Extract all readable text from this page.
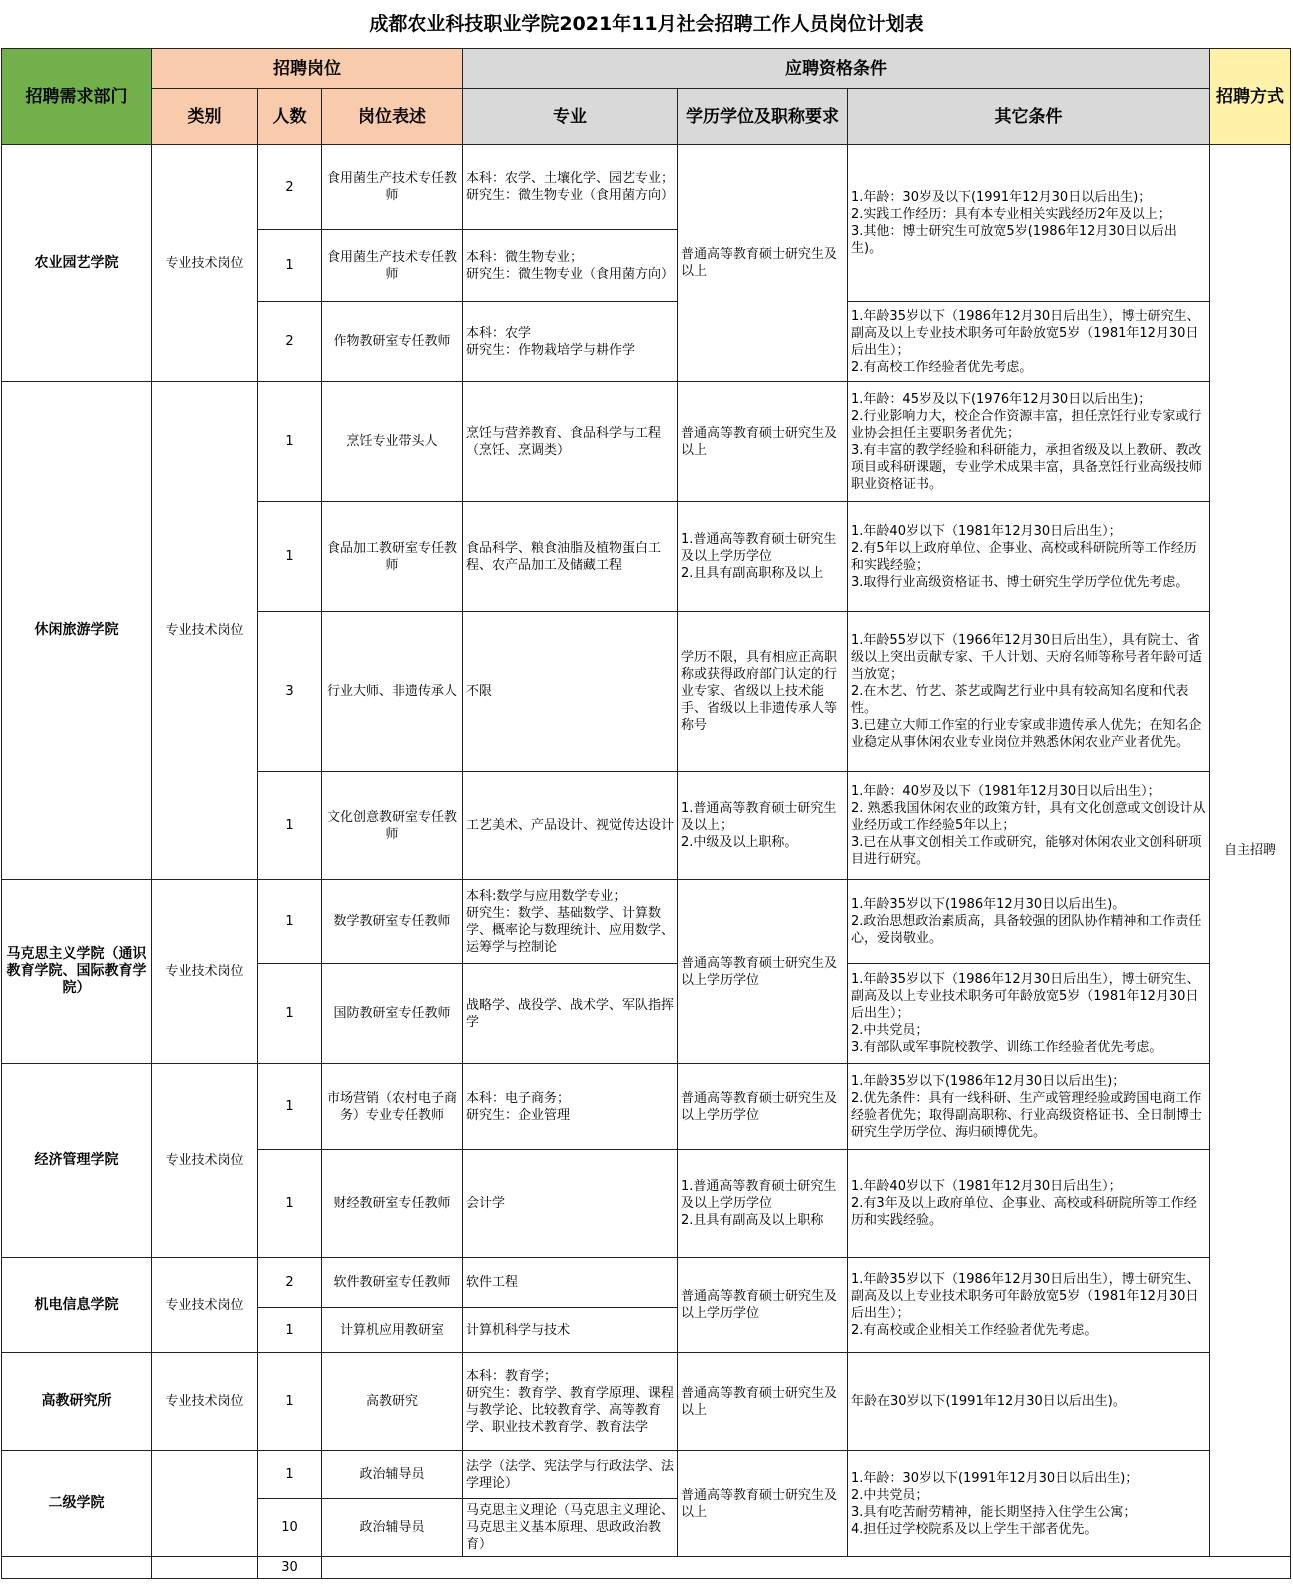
成都农业科技职业学院2021年11月社会招聘工作人员岗位计划表
招聘需求部门	招聘岗位			应聘资格条件			招聘方式
	类别	人数	岗位表述	专业	学历学位及职称要求	其它条件	
农业园艺学院	专业技术岗位	2	食用菌生产技术专任教师	本科：农学、土壤化学、园艺专业；
研究生：微生物专业（食用菌方向）	普通高等教育硕士研究生及以上	1.年龄：30岁及以下(1991年12月30日以后出生)；
2.实践工作经历：具有本专业相关实践经历2年及以上；
3.其他：博士研究生可放宽5岁(1986年12月30日以后出生)。	自主招聘
		1	食用菌生产技术专任教师	本科：微生物专业；
研究生：微生物专业（食用菌方向）			
		2	作物教研室专任教师	本科：农学
研究生：作物栽培学与耕作学		1.年龄35岁以下（1986年12月30日后出生），博士研究生、副高及以上专业技术职务可年龄放宽5岁（1981年12月30日后出生）；
2.有高校工作经验者优先考虑。	
休闲旅游学院	专业技术岗位	1	烹饪专业带头人	烹饪与营养教育、食品科学与工程（烹饪、烹调类）	普通高等教育硕士研究生及以上	1.年龄：45岁及以下(1976年12月30日以后出生)；
2.行业影响力大，校企合作资源丰富，担任烹饪行业专家或行业协会担任主要职务者优先；
3.有丰富的教学经验和科研能力，承担省级及以上教研、教改项目或科研课题，专业学术成果丰富，具备烹饪行业高级技师职业资格证书。	
		1	食品加工教研室专任教师	食品科学、粮食油脂及植物蛋白工程、农产品加工及储藏工程	1.普通高等教育硕士研究生及以上学历学位
2.且具有副高职称及以上	1.年龄40岁以下（1981年12月30日后出生）；
2.有5年以上政府单位、企事业、高校或科研院所等工作经历和实践经验；
3.取得行业高级资格证书、博士研究生学历学位优先考虑。	
		3	行业大师、非遗传承人	不限	学历不限，具有相应正高职称或获得政府部门认定的行业专家、省级以上技术能手、省级以上非遗传承人等称号	1.年龄55岁以下（1966年12月30日后出生），具有院士、省级以上突出贡献专家、千人计划、天府名师等称号者年龄可适当放宽；
2.在木艺、竹艺、茶艺或陶艺行业中具有较高知名度和代表性。
3.已建立大师工作室的行业专家或非遗传承人优先；在知名企业稳定从事休闲农业专业岗位并熟悉休闲农业产业者优先。	
		1	文化创意教研室专任教师	工艺美术、产品设计、视觉传达设计	1.普通高等教育硕士研究生及以上；
2.中级及以上职称。	1.年龄：40岁及以下（1981年12月30日以后出生）；
2. 熟悉我国休闲农业的政策方针，具有文化创意或文创设计从业经历或工作经验5年以上；
3.已在从事文创相关工作或研究，能够对休闲农业文创科研项目进行研究。	
马克思主义学院（通识教育学院、国际教育学院）	专业技术岗位	1	数学教研室专任教师	本科:数学与应用数学专业；
研究生：数学、基础数学、计算数学、概率论与数理统计、应用数学、运筹学与控制论	普通高等教育硕士研究生及以上学历学位	1.年龄35岁以下(1986年12月30日以后出生)。
2.政治思想政治素质高，具备较强的团队协作精神和工作责任心，爱岗敬业。	
		1	国防教研室专任教师	战略学、战役学、战术学、军队指挥学		1.年龄35岁以下（1986年12月30日后出生），博士研究生、副高及以上专业技术职务可年龄放宽5岁（1981年12月30日后出生）；
2.中共党员；
3.有部队或军事院校教学、训练工作经验者优先考虑。	
经济管理学院	专业技术岗位	1	市场营销（农村电子商务）专业专任教师	本科：电子商务；
研究生：企业管理	普通高等教育硕士研究生及以上学历学位	1.年龄35岁以下(1986年12月30日以后出生)；
2.优先条件：具有一线科研、生产或管理经验或跨国电商工作经验者优先；取得副高职称、行业高级资格证书、全日制博士研究生学历学位、海归硕博优先。	
		1	财经教研室专任教师	会计学	1.普通高等教育硕士研究生及以上学历学位
2.且具有副高及以上职称	1.年龄40岁以下（1981年12月30日后出生）；
2.有3年及以上政府单位、企事业、高校或科研院所等工作经历和实践经验。	
机电信息学院	专业技术岗位	2	软件教研室专任教师	软件工程	普通高等教育硕士研究生及以上学历学位	1.年龄35岁以下（1986年12月30日后出生），博士研究生、副高及以上专业技术职务可年龄放宽5岁（1981年12月30日后出生）；
2.有高校或企业相关工作经验者优先考虑。	
		1	计算机应用教研室	计算机科学与技术			
高教研究所	专业技术岗位	1	高教研究	本科：教育学；
研究生：教育学、教育学原理、课程与教学论、比较教育学、高等教育学、职业技术教育学、教育法学	普通高等教育硕士研究生及以上	年龄在30岁以下(1991年12月30日以后出生)。	
二级学院		1	政治辅导员	法学（法学、宪法学与行政法学、法学理论）	普通高等教育硕士研究生及以上	1.年龄：30岁以下(1991年12月30日以后出生)；
2.中共党员；
3.具有吃苦耐劳精神，能长期坚持入住学生公寓；
4.担任过学校院系及以上学生干部者优先。	
		10	政治辅导员	马克思主义理论（马克思主义理论、马克思主义基本原理、思政政治教育）			
		30					
